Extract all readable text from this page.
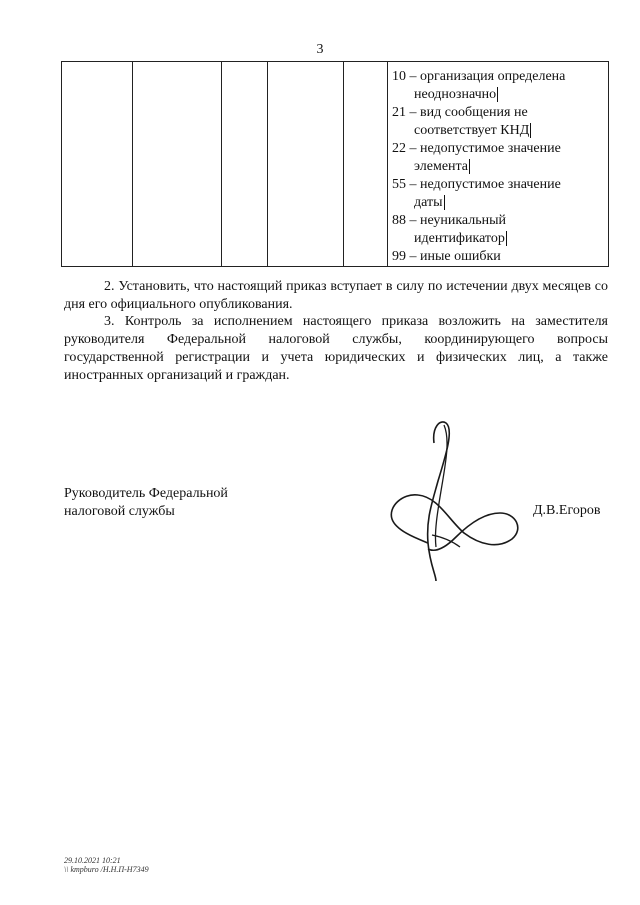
3

10 – организация определена
неоднозначно
21 – вид сообщения не
соответствует КНД
22 – недопустимое значение
элемента
55 – недопустимое значение
даты
88 – неуникальный
идентификатор
99 – иные ошибки
2. Установить, что настоящий приказ вступает в силу по истечении двух месяцев со дня его официального опубликования.
3. Контроль за исполнением настоящего приказа возложить на заместителя руководителя Федеральной налоговой службы, координирующего вопросы государственной регистрации и учета юридических и физических лиц, а также иностранных организаций и граждан.
Руководитель Федеральной
налоговой службы	Д.В.Егоров
29.10.2021 10:21
\\ kmpburo /Н.Н.П-Н7349
